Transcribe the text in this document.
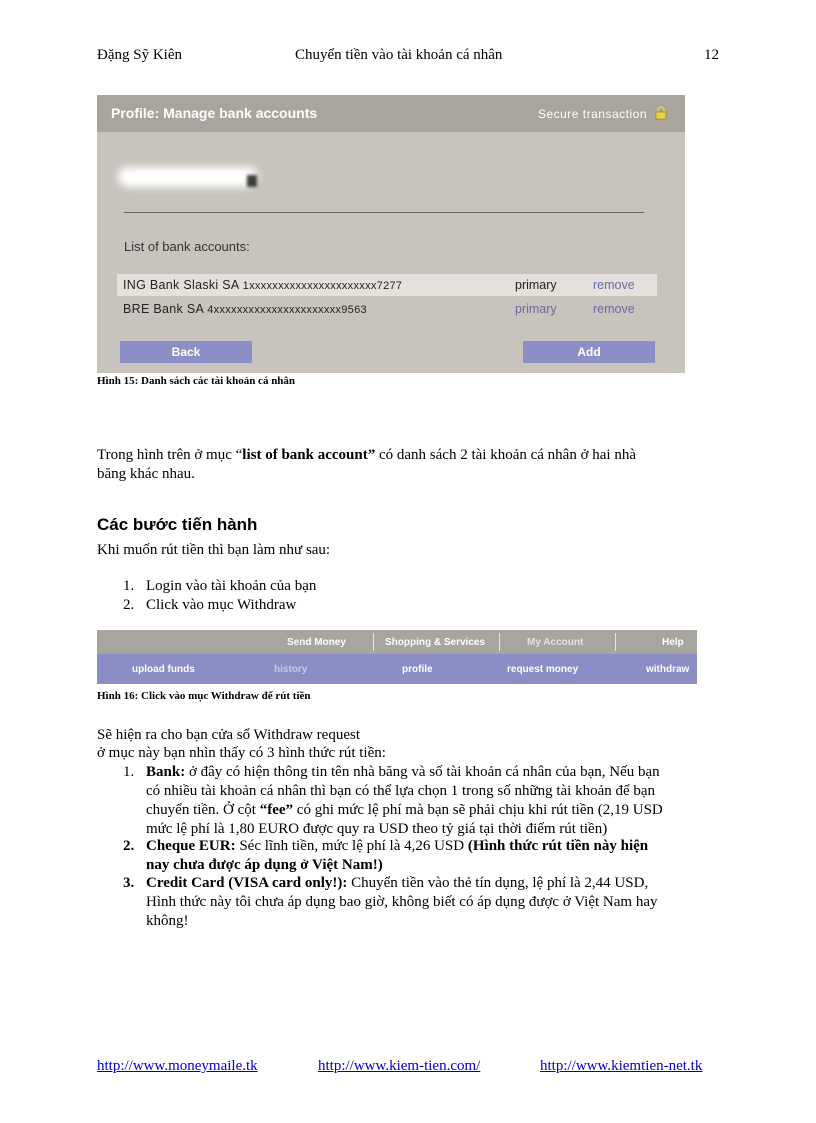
Đặng Sỹ Kiên	Chuyển tiền vào tài khoản cá nhân	12
Profile: Manage bank accounts	Secure transaction
List of bank accounts:
ING Bank Slaski SA 1xxxxxxxxxxxxxxxxxxxxxx7277	primary	remove
BRE Bank SA 4xxxxxxxxxxxxxxxxxxxxxx9563	primary	remove
Back	Add
Hình 15: Danh sách các tài khoản cá nhân
Trong hình trên ở mục “list of bank account” có danh sách 2 tài khoản cá nhân ở hai nhà
băng khác nhau.
Các bước tiến hành
Khi muốn rút tiền thì bạn làm như sau:
1. Login vào tài khoản của bạn
2. Click vào mục Withdraw
Send Money	Shopping & Services	My Account	Help
upload funds	history	profile	request money	withdraw
Hình 16: Click vào mục Withdraw để rút tiền
Sẽ hiện ra cho bạn cửa sổ Withdraw request
ở mục này bạn nhìn thấy có 3 hình thức rút tiền:
1. Bank: ở đây có hiện thông tin tên nhà băng và số tài khoản cá nhân của bạn, Nếu bạn
có nhiều tài khoản cá nhân thì bạn có thể lựa chọn 1 trong số những tài khoản để bạn
chuyển tiền. Ở cột “fee” có ghi mức lệ phí mà bạn sẽ phải chịu khi rút tiền (2,19 USD
mức lệ phí là 1,80 EURO được quy ra USD theo tỷ giá tại thời điểm rút tiền)
2. Cheque EUR: Séc lĩnh tiền, mức lệ phí là 4,26 USD (Hình thức rút tiền này hiện
nay chưa được áp dụng ở Việt Nam!)
3. Credit Card (VISA card only!): Chuyển tiền vào thẻ tín dụng, lệ phí là 2,44 USD,
Hình thức này tôi chưa áp dụng bao giờ, không biết có áp dụng được ở Việt Nam hay
không!
http://www.moneymaile.tk	http://www.kiem-tien.com/	http://www.kiemtien-net.tk
